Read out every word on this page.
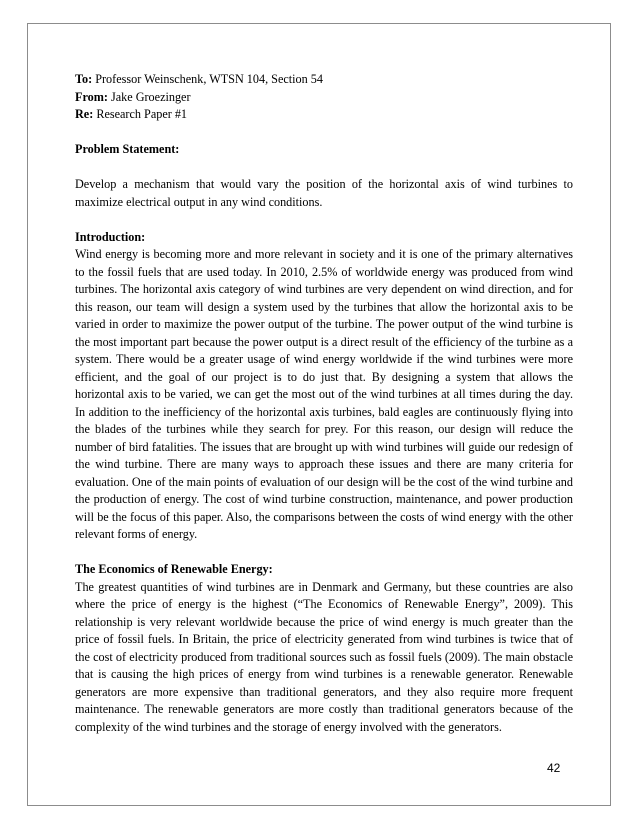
To: Professor Weinschenk, WTSN 104, Section 54

From: Jake Groezinger

Re: Research Paper #1

Problem Statement:

Develop a mechanism that would vary the position of the horizontal axis of wind turbines to maximize electrical output in any wind conditions.

Introduction:

Wind energy is becoming more and more relevant in society and it is one of the primary alternatives to the fossil fuels that are used today. In 2010, 2.5% of worldwide energy was produced from wind turbines. The horizontal axis category of wind turbines are very dependent on wind direction, and for this reason, our team will design a system used by the turbines that allow the horizontal axis to be varied in order to maximize the power output of the turbine. The power output of the wind turbine is the most important part because the power output is a direct result of the efficiency of the turbine as a system. There would be a greater usage of wind energy worldwide if the wind turbines were more efficient, and the goal of our project is to do just that. By designing a system that allows the horizontal axis to be varied, we can get the most out of the wind turbines at all times during the day. In addition to the inefficiency of the horizontal axis turbines, bald eagles are continuously flying into the blades of the turbines while they search for prey. For this reason, our design will reduce the number of bird fatalities. The issues that are brought up with wind turbines will guide our redesign of the wind turbine. There are many ways to approach these issues and there are many criteria for evaluation. One of the main points of evaluation of our design will be the cost of the wind turbine and the production of energy. The cost of wind turbine construction, maintenance, and power production will be the focus of this paper. Also, the comparisons between the costs of wind energy with the other relevant forms of energy.

The Economics of Renewable Energy:

The greatest quantities of wind turbines are in Denmark and Germany, but these countries are also where the price of energy is the highest (“The Economics of Renewable Energy”, 2009). This relationship is very relevant worldwide because the price of wind energy is much greater than the price of fossil fuels. In Britain, the price of electricity generated from wind turbines is twice that of the cost of electricity produced from traditional sources such as fossil fuels (2009). The main obstacle that is causing the high prices of energy from wind turbines is a renewable generator. Renewable generators are more expensive than traditional generators, and they also require more frequent maintenance. The renewable generators are more costly than traditional generators because of the complexity of the wind turbines and the storage of energy involved with the generators.

42
